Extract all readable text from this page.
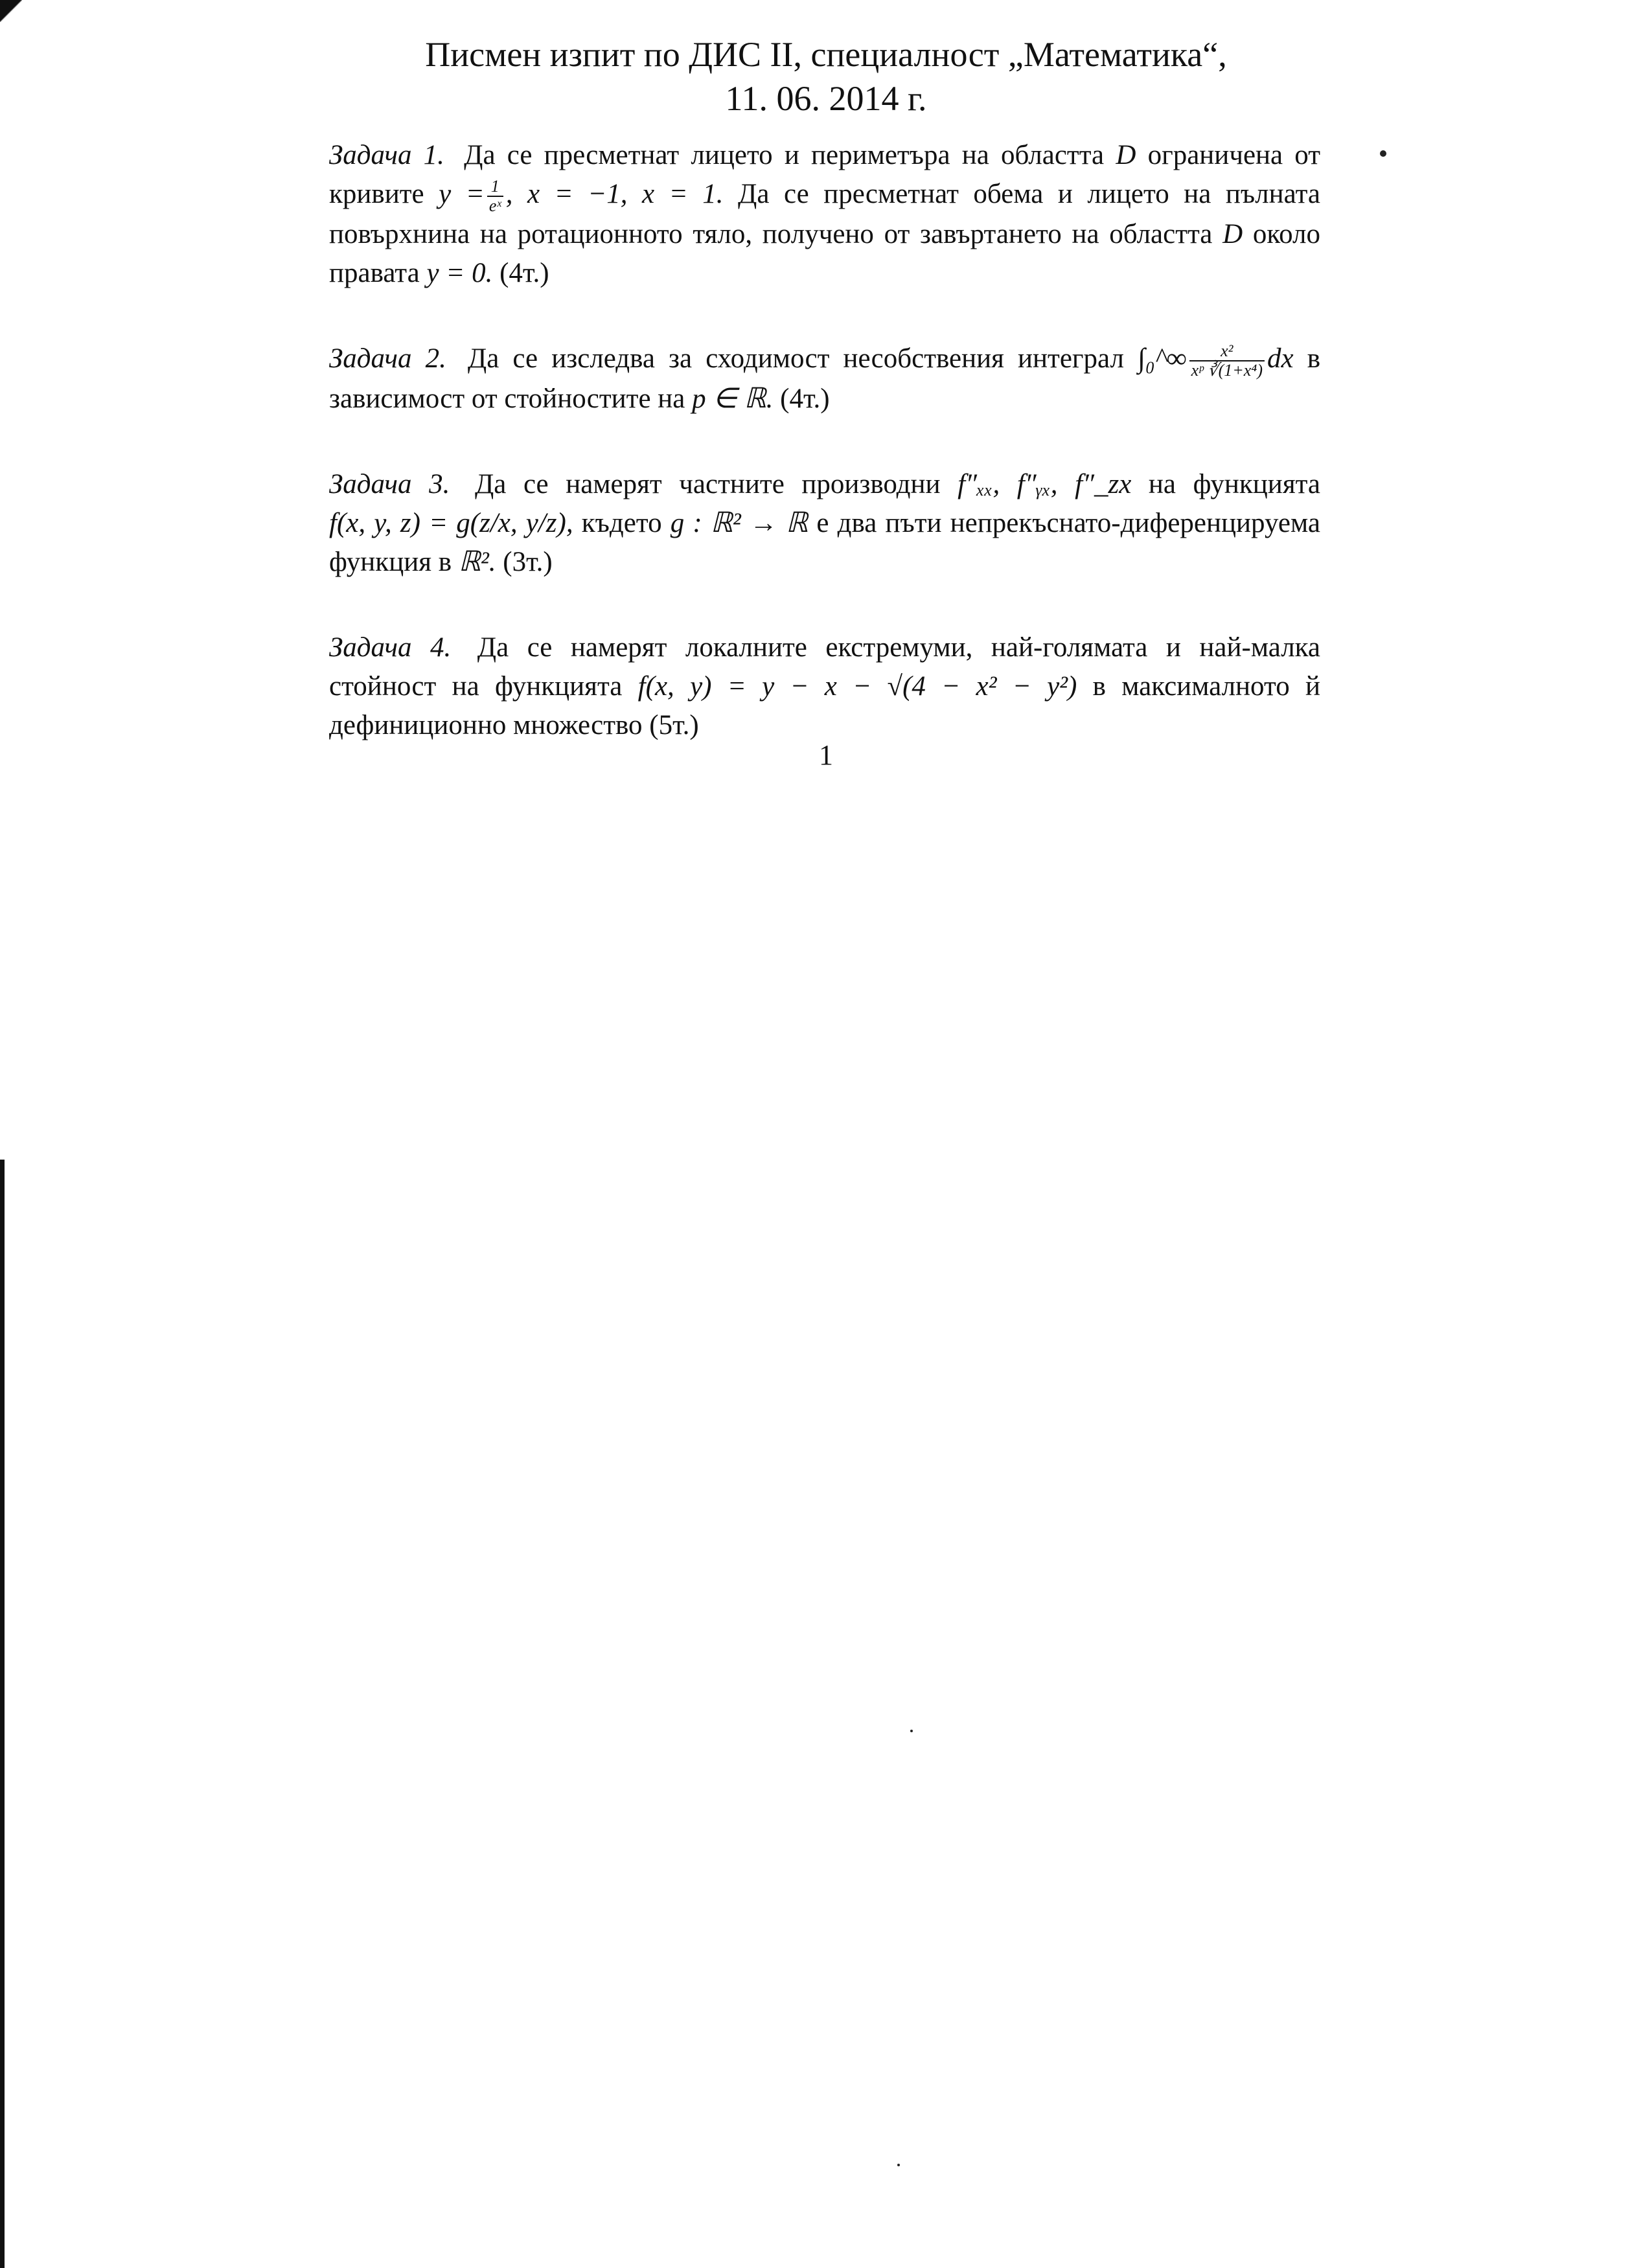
Писмен изпит по ДИС II, специалност „Математика“,
11. 06. 2014 г.

Задача 1. Да се пресметнат лицето и периметъра на областта D ограничена от кривите $y = \frac{1}{\text{eˣ}}$ , x = −1, x = 1. Да се пресметнат обема и лицето на пълната повърхнина на ротационното тяло, получено от завъртането на областта D около правата y = 0. (4т.)

Задача 2. Да се изследва за сходимост несобствения интеграл ∫₀^∞ $\frac{\text{x²}}{\text{xᵖ ∛(1+x⁴)}}$ dx в зависимост от стойностите на p ∈ ℝ. (4т.)

Задача 3. Да се намерят частните производни f″ₓₓ, f″ᵧₓ, f″_zx на функцията f(x, y, z) = g(z/x, y/z), където g : ℝ² → ℝ е два пъти непрекъснато-диференцируема функция в ℝ². (3т.)

Задача 4. Да се намерят локалните екстремуми, най-голямата и най-малка стойност на функцията f(x, y) = y − x − √(4 − x² − y²) в максималното й дефиниционно множество (5т.)

1
